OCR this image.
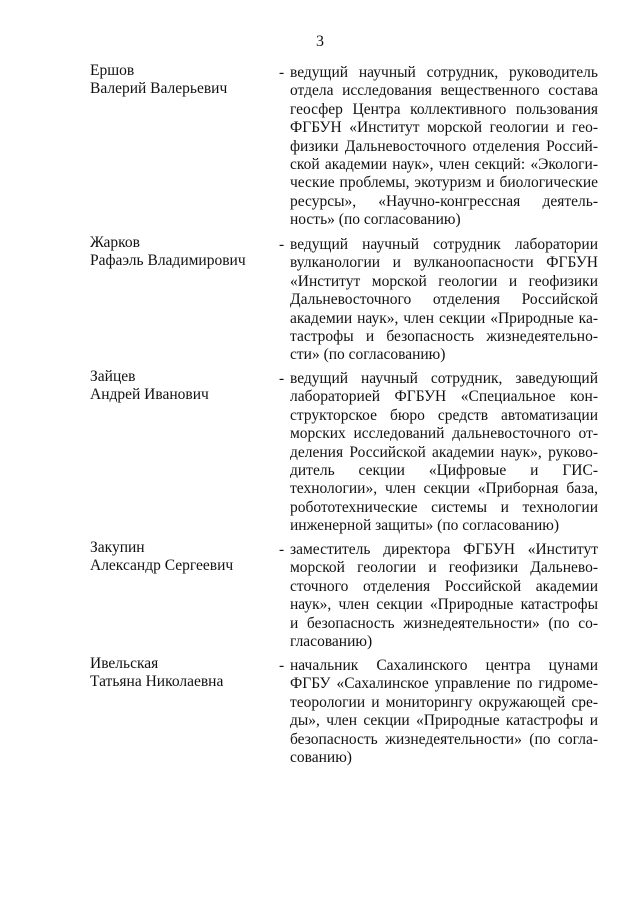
3
Ершов
Валерий Валерьевич
- ведущий научный сотрудник, руководитель
отдела исследования вещественного состава
геосфер Центра коллективного пользования
ФГБУН «Институт морской геологии и гео-
физики Дальневосточного отделения Россий-
ской академии наук», член секций: «Экологи-
ческие проблемы, экотуризм и биологические
ресурсы», «Научно-конгрессная деятель-
ность» (по согласованию)
Жарков
Рафаэль Владимирович
- ведущий научный сотрудник лаборатории
вулканологии и вулканоопасности ФГБУН
«Институт морской геологии и геофизики
Дальневосточного отделения Российской
академии наук», член секции «Природные ка-
тастрофы и безопасность жизнедеятельно-
сти» (по согласованию)
Зайцев
Андрей Иванович
- ведущий научный сотрудник, заведующий
лабораторией ФГБУН «Специальное кон-
структорское бюро средств автоматизации
морских исследований дальневосточного от-
деления Российской академии наук», руково-
дитель секции «Цифровые и ГИС-
технологии», член секции «Приборная база,
робототехнические системы и технологии
инженерной защиты» (по согласованию)
Закупин
Александр Сергеевич
- заместитель директора ФГБУН «Институт
морской геологии и геофизики Дальнево-
сточного отделения Российской академии
наук», член секции «Природные катастрофы
и безопасность жизнедеятельности» (по со-
гласованию)
Ивельская
Татьяна Николаевна
- начальник Сахалинского центра цунами
ФГБУ «Сахалинское управление по гидроме-
теорологии и мониторингу окружающей сре-
ды», член секции «Природные катастрофы и
безопасность жизнедеятельности» (по согла-
сованию)
